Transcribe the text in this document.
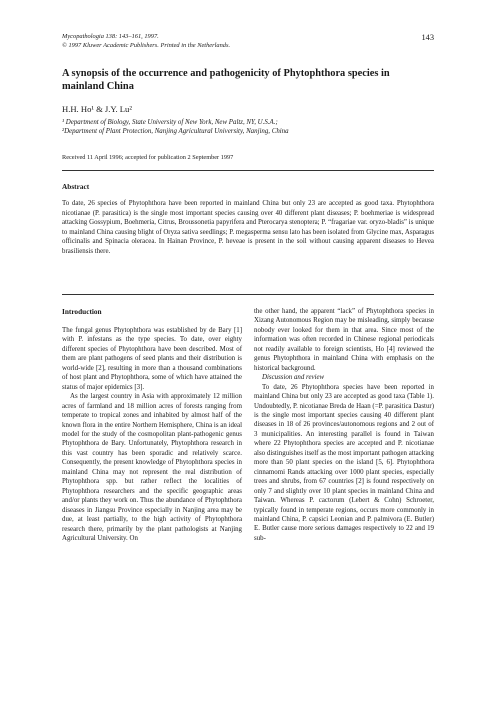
Mycopathologia 138: 143–161, 1997.
© 1997 Kluwer Academic Publishers. Printed in the Netherlands.
143
A synopsis of the occurrence and pathogenicity of Phytophthora species in
mainland China
H.H. Ho¹ & J.Y. Lu²
¹ Department of Biology, State University of New York, New Paltz, NY, U.S.A.;
²Department of Plant Protection, Nanjing Agricultural University, Nanjing, China
Received 11 April 1996; accepted for publication 2 September 1997
Abstract

To date, 26 species of Phytophthora have been reported in mainland China but only 23 are accepted as good taxa. Phytophthora nicotianae (P. parasitica) is the single most important species causing over 40 different plant diseases; P. boehmeriae is widespread attacking Gossypium, Boehmeria, Citrus, Broussonetia papyrifera and Pterocarya stenoptera; P. “fragariae var. oryzo-bladis” is unique to mainland China causing blight of Oryza sativa seedlings; P. megasperma sensu lato has been isolated from Glycine max, Asparagus officinalis and Spinacia oleracea. In Hainan Province, P. heveae is present in the soil without causing apparent diseases to Hevea brasiliensis there.

Introduction

The fungal genus Phytophthora was established by de Bary [1] with P. infestans as the type species. To date, over eighty different species of Phytophthora have been described. Most of them are plant pathogens of seed plants and their distribution is world-wide [2], resulting in more than a thousand combinations of host plant and Phytophthora, some of which have attained the status of major epidemics [3].

As the largest country in Asia with approximately 12 million acres of farmland and 18 million acres of forests ranging from temperate to tropical zones and inhabited by almost half of the known flora in the entire Northern Hemisphere, China is an ideal model for the study of the cosmopolitan plant-pathogenic genus Phytophthora de Bary. Unfortunately, Phytophthora research in this vast country has been sporadic and relatively scarce. Consequently, the present knowledge of Phytophthora species in mainland China may not represent the real distribution of Phytophthora spp. but rather reflect the localities of Phytophthora researchers and the specific geographic areas and/or plants they work on. Thus the abundance of Phytophthora diseases in Jiangsu Province especially in Nanjing area may be due, at least partially, to the high activity of Phytophthora research there, primarily by the plant pathologists at Nanjing Agricultural University. On

the other hand, the apparent “lack” of Phytophthora species in Xizang Autonomous Region may be misleading, simply because nobody ever looked for them in that area. Since most of the information was often recorded in Chinese regional periodicals not readily available to foreign scientists, Ho [4] reviewed the genus Phytophthora in mainland China with emphasis on the historical background.

Discussion and review

To date, 26 Phytophthora species have been reported in mainland China but only 23 are accepted as good taxa (Table 1). Undoubtedly, P. nicotianae Breda de Haan (=P. parasitica Dastur) is the single most important species causing 40 different plant diseases in 18 of 26 provinces/autonomous regions and 2 out of 3 municipalities. An interesting parallel is found in Taiwan where 22 Phytophthora species are accepted and P. nicotianae also distinguishes itself as the most important pathogen attacking more than 50 plant species on the island [5, 6]. Phytophthora cinnamomi Rands attacking over 1000 plant species, especially trees and shrubs, from 67 countries [2] is found respectively on only 7 and slightly over 10 plant species in mainland China and Taiwan. Whereas P. cactorum (Lebert & Cohn) Schroeter, typically found in temperate regions, occurs more commonly in mainland China, P. capsici Leonian and P. palmivora (E. Butler) E. Butler cause more serious damages respectively to 22 and 19 sub-
